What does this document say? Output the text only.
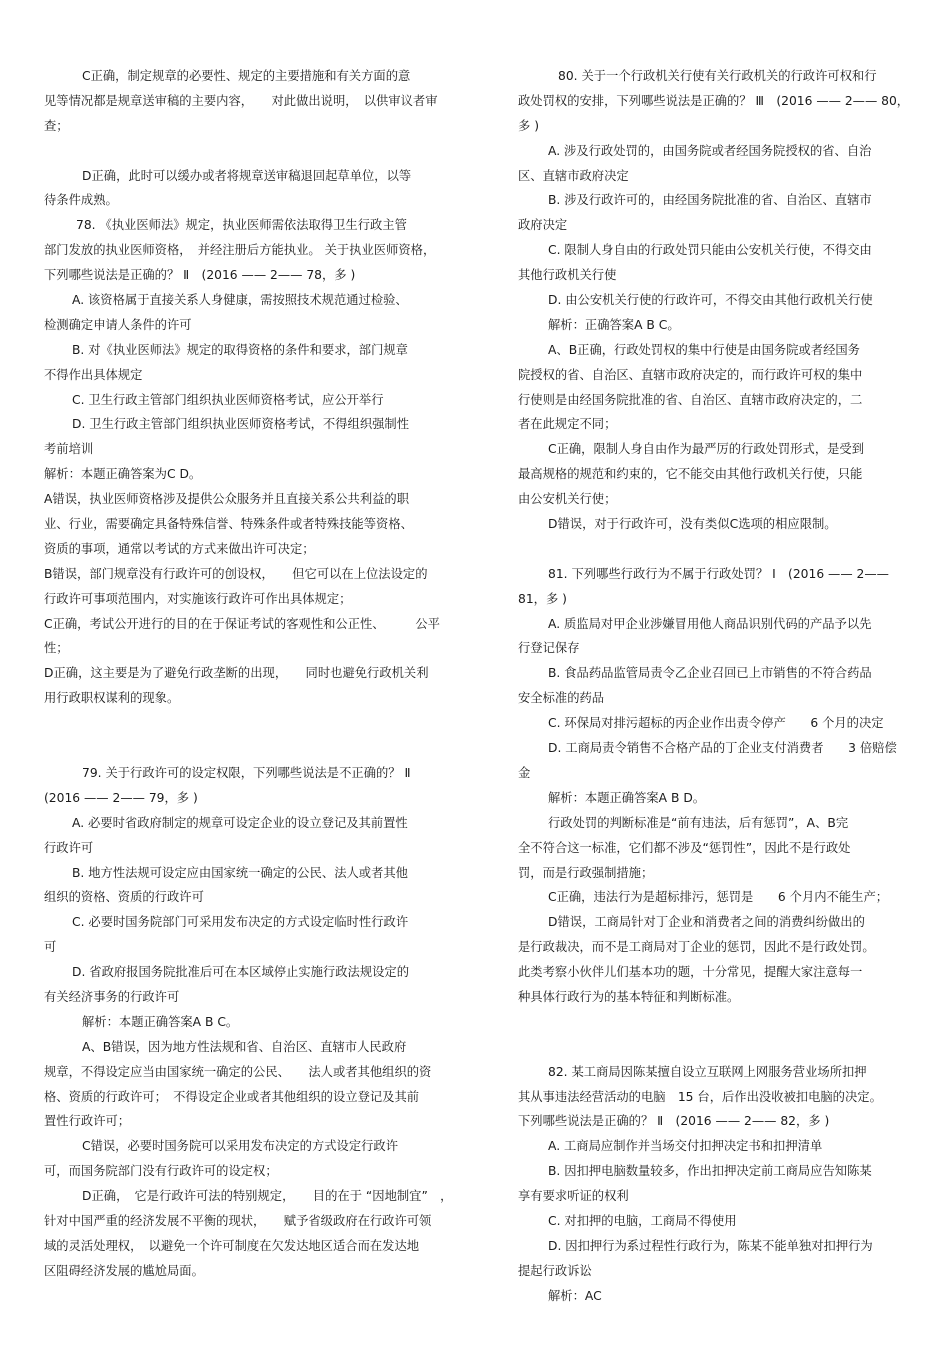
C正确，制定规章的必要性、规定的主要措施和有关方面的意
见等情况都是规章送审稿的主要内容，　　对此做出说明，　以供审议者审
查；
D正确，此时可以缓办或者将规章送审稿退回起草单位，以等
待条件成熟。
78. 《执业医师法》规定，执业医师需依法取得卫生行政主管
部门发放的执业医师资格，　并经注册后方能执业。 关于执业医师资格，
下列哪些说法是正确的？ Ⅱ　(2016 —— 2—— 78，多 )
A. 该资格属于直接关系人身健康，需按照技术规范通过检验、
检测确定申请人条件的许可
B. 对《执业医师法》规定的取得资格的条件和要求，部门规章
不得作出具体规定
C. 卫生行政主管部门组织执业医师资格考试，应公开举行
D. 卫生行政主管部门组织执业医师资格考试，不得组织强制性
考前培训
解析：本题正确答案为C D。
A错误，执业医师资格涉及提供公众服务并且直接关系公共利益的职
业、行业，需要确定具备特殊信誉、特殊条件或者特殊技能等资格、
资质的事项，通常以考试的方式来做出许可决定；
B错误，部门规章没有行政许可的创设权，　　但它可以在上位法设定的
行政许可事项范围内，对实施该行政许可作出具体规定；
C正确，考试公开进行的目的在于保证考试的客观性和公正性、　　　公平
性；
D正确，这主要是为了避免行政垄断的出现，　　同时也避免行政机关利
用行政职权谋利的现象。
79. 关于行政许可的设定权限，下列哪些说法是不正确的？ Ⅱ
(2016 —— 2—— 79，多 )
A. 必要时省政府制定的规章可设定企业的设立登记及其前置性
行政许可
B. 地方性法规可设定应由国家统一确定的公民、法人或者其他
组织的资格、资质的行政许可
C. 必要时国务院部门可采用发布决定的方式设定临时性行政许
可
D. 省政府报国务院批准后可在本区域停止实施行政法规设定的
有关经济事务的行政许可
解析：本题正确答案A B C。
A、B错误，因为地方性法规和省、自治区、直辖市人民政府
规章，不得设定应当由国家统一确定的公民、　　法人或者其他组织的资
格、资质的行政许可；　不得设定企业或者其他组织的设立登记及其前
置性行政许可；
C错误，必要时国务院可以采用发布决定的方式设定行政许
可，而国务院部门没有行政许可的设定权；
D正确，　它是行政许可法的特别规定，　　目的在于 “因地制宜”　，
针对中国严重的经济发展不平衡的现状，　　赋予省级政府在行政许可领
域的灵活处理权，　以避免一个许可制度在欠发达地区适合而在发达地
区阻碍经济发展的尴尬局面。
80. 关于一个行政机关行使有关行政机关的行政许可权和行
政处罚权的安排，下列哪些说法是正确的？ Ⅲ　(2016 —— 2—— 80，
多 )
A. 涉及行政处罚的，由国务院或者经国务院授权的省、自治
区、直辖市政府决定
B. 涉及行政许可的，由经国务院批准的省、自治区、直辖市
政府决定
C. 限制人身自由的行政处罚只能由公安机关行使，不得交由
其他行政机关行使
D. 由公安机关行使的行政许可，不得交由其他行政机关行使
解析：正确答案A B C。
A、B正确，行政处罚权的集中行使是由国务院或者经国务
院授权的省、自治区、直辖市政府决定的，而行政许可权的集中
行使则是由经国务院批准的省、自治区、直辖市政府决定的，二
者在此规定不同；
C正确，限制人身自由作为最严厉的行政处罚形式，是受到
最高规格的规范和约束的，它不能交由其他行政机关行使，只能
由公安机关行使；
D错误，对于行政许可，没有类似C选项的相应限制。
81. 下列哪些行政行为不属于行政处罚？ Ⅰ　(2016 —— 2——
81，多 )
A. 质监局对甲企业涉嫌冒用他人商品识别代码的产品予以先
行登记保存
B. 食品药品监管局责令乙企业召回已上市销售的不符合药品
安全标准的药品
C. 环保局对排污超标的丙企业作出责令停产　　6 个月的决定
D. 工商局责令销售不合格产品的丁企业支付消费者　　3 倍赔偿
金
解析：本题正确答案A B D。
行政处罚的判断标准是“前有违法，后有惩罚”，A、B完
全不符合这一标准，它们都不涉及“惩罚性”，因此不是行政处
罚，而是行政强制措施；
C正确，违法行为是超标排污，惩罚是　　6 个月内不能生产；
D错误，工商局针对丁企业和消费者之间的消费纠纷做出的
是行政裁决，而不是工商局对丁企业的惩罚，因此不是行政处罚。
此类考察小伙伴儿们基本功的题，十分常见，提醒大家注意每一
种具体行政行为的基本特征和判断标准。
82. 某工商局因陈某擅自设立互联网上网服务营业场所扣押
其从事违法经营活动的电脑　15 台，后作出没收被扣电脑的决定。
下列哪些说法是正确的？ Ⅱ　(2016 —— 2—— 82，多 )
A. 工商局应制作并当场交付扣押决定书和扣押清单
B. 因扣押电脑数量较多，作出扣押决定前工商局应告知陈某
享有要求听证的权利
C. 对扣押的电脑，工商局不得使用
D. 因扣押行为系过程性行政行为，陈某不能单独对扣押行为
提起行政诉讼
解析：AC
